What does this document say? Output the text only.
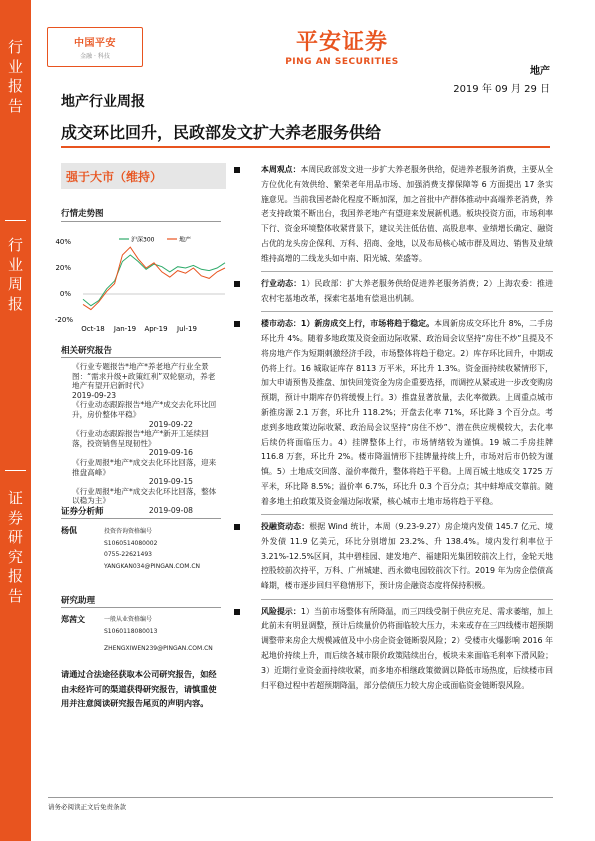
行业报告
行业周报
证券研究报告
中国平安
金融 · 科技
平安证券
PING AN SECURITIES
地产
2019 年 09 月 29 日
地产行业周报
成交环比回升，民政部发文扩大养老服务供给
强于大市（维持）
行情走势图
40%
20%
0%
-20%
Oct-18 Jan-19 Apr-19 Jul-19
沪深300	地产
相关研究报告
《行业专题报告*地产*养老地产行业全景图：“需求升级+政策红利”双轮驱动，养老地产有望开启新时代》
2019-09-23
《行业动态跟踪报告*地产*成交去化环比回升，房价整体平稳》
2019-09-22
《行业动态跟踪报告*地产*新开工延续回落，投资销售呈现韧性》
2019-09-16
《行业周报*地产*成交去化环比回落，迎来推盘高峰》
2019-09-15
《行业周报*地产*成交去化环比回落，整体以稳为主》
2019-09-08
证券分析师
杨侃	投资咨询资格编号
S1060514080002
0755-22621493
YANGKAN034@PINGAN.COM.CN
研究助理
郑茜文	一般从业资格编号
S1060118080013
ZHENGXIWEN239@PINGAN.COM.CN
请通过合法途径获取本公司研究报告，如经由未经许可的渠道获得研究报告，请慎重使用并注意阅读研究报告尾页的声明内容。
本周观点：本周民政部发文进一步扩大养老服务供给，促进养老服务消费，主要从全方位优化有效供给、繁荣老年用品市场、加强消费支撑保障等 6 方面提出 17 条实施意见。当前我国老龄化程度不断加深，加之首批中产群体推动中高端养老消费，养老支持政策不断出台，我国养老地产有望迎来发展新机遇。板块投资方面，市场利率下行、资金环境整体收紧背景下，建议关注低估值、高股息率、业绩增长确定、融资占优的龙头房企保利、万科、招商、金地，以及布局核心城市群及周边、销售及业绩维持高增的二线龙头如中南、阳光城、荣盛等。
行业动态：1）民政部：扩大养老服务供给促进养老服务消费；2）上海农委：推进农村宅基地改革，探索宅基地有偿退出机制。
楼市动态：1）新房成交上行，市场将趋于稳定。本周新房成交环比升 8%，二手房环比升 4%。随着多地政策及资金面边际收紧、政治局会议坚持“房住不炒”且提及不将房地产作为短期刺激经济手段，市场整体将趋于稳定。2）库存环比回升，中期或仍将上行。16 城取证库存 8113 万平米，环比升 1.3%。资金面持续收紧情形下，加大申请预售及推盘、加快回笼资金为房企重要选择，而调控从紧或进一步改变购房预期，预计中期库存仍将缓慢上行。3）推盘显著放量，去化率微跌。上周重点城市新推房源 2.1 万套，环比升 118.2%；开盘去化率 71%，环比降 3 个百分点。考虑到多地政策边际收紧、政治局会议坚持“房住不炒”、潜在供应规模较大，去化率后续仍将面临压力。4）挂牌整体上行，市场情绪较为谨慎。19 城二手房挂牌 116.8 万套，环比升 2%。楼市降温情形下挂牌量持续上升，市场对后市仍较为谨慎。5）土地成交回落、溢价率微升，整体将趋于平稳。上周百城土地成交 1725 万平米，环比降 8.5%；溢价率 6.7%，环比升 0.3 个百分点；其中蚌埠成交靠前。随着多地土拍政策及资金端边际收紧，核心城市土地市场将趋于平稳。
投融资动态：根据 Wind 统计，本周（9.23-9.27）房企境内发债 145.7 亿元、境外发债 11.9 亿美元，环比分别增加 23.2%、升 138.4%。境内发行利率位于 3.21%-12.5%区间，其中碧桂园、建发地产、福建阳光集团较前次上行，金轮天地控股较前次持平，万科、广州城建、西永微电园较前次下行。2019 年为房企偿债高峰期，楼市逐步回归平稳情形下，预计房企融资态度将保持积极。
风险提示：1）当前市场整体有所降温，而三四线受制于供应充足、需求萎缩，加上此前未有明显调整，预计后续量价仍将面临较大压力，未来或存在三四线楼市超预期调整带来房企大规模减值及中小房企资金链断裂风险；2）受楼市火爆影响 2016 年起地价持续上升，而后续各城市限价政策陆续出台，板块未来面临毛利率下滑风险；3）近期行业资金面持续收紧，而多地亦相继政策微调以降低市场热度，后续楼市回归平稳过程中若超预期降温，部分偿债压力较大房企或面临资金链断裂风险。
请务必阅读正文后免责条款
